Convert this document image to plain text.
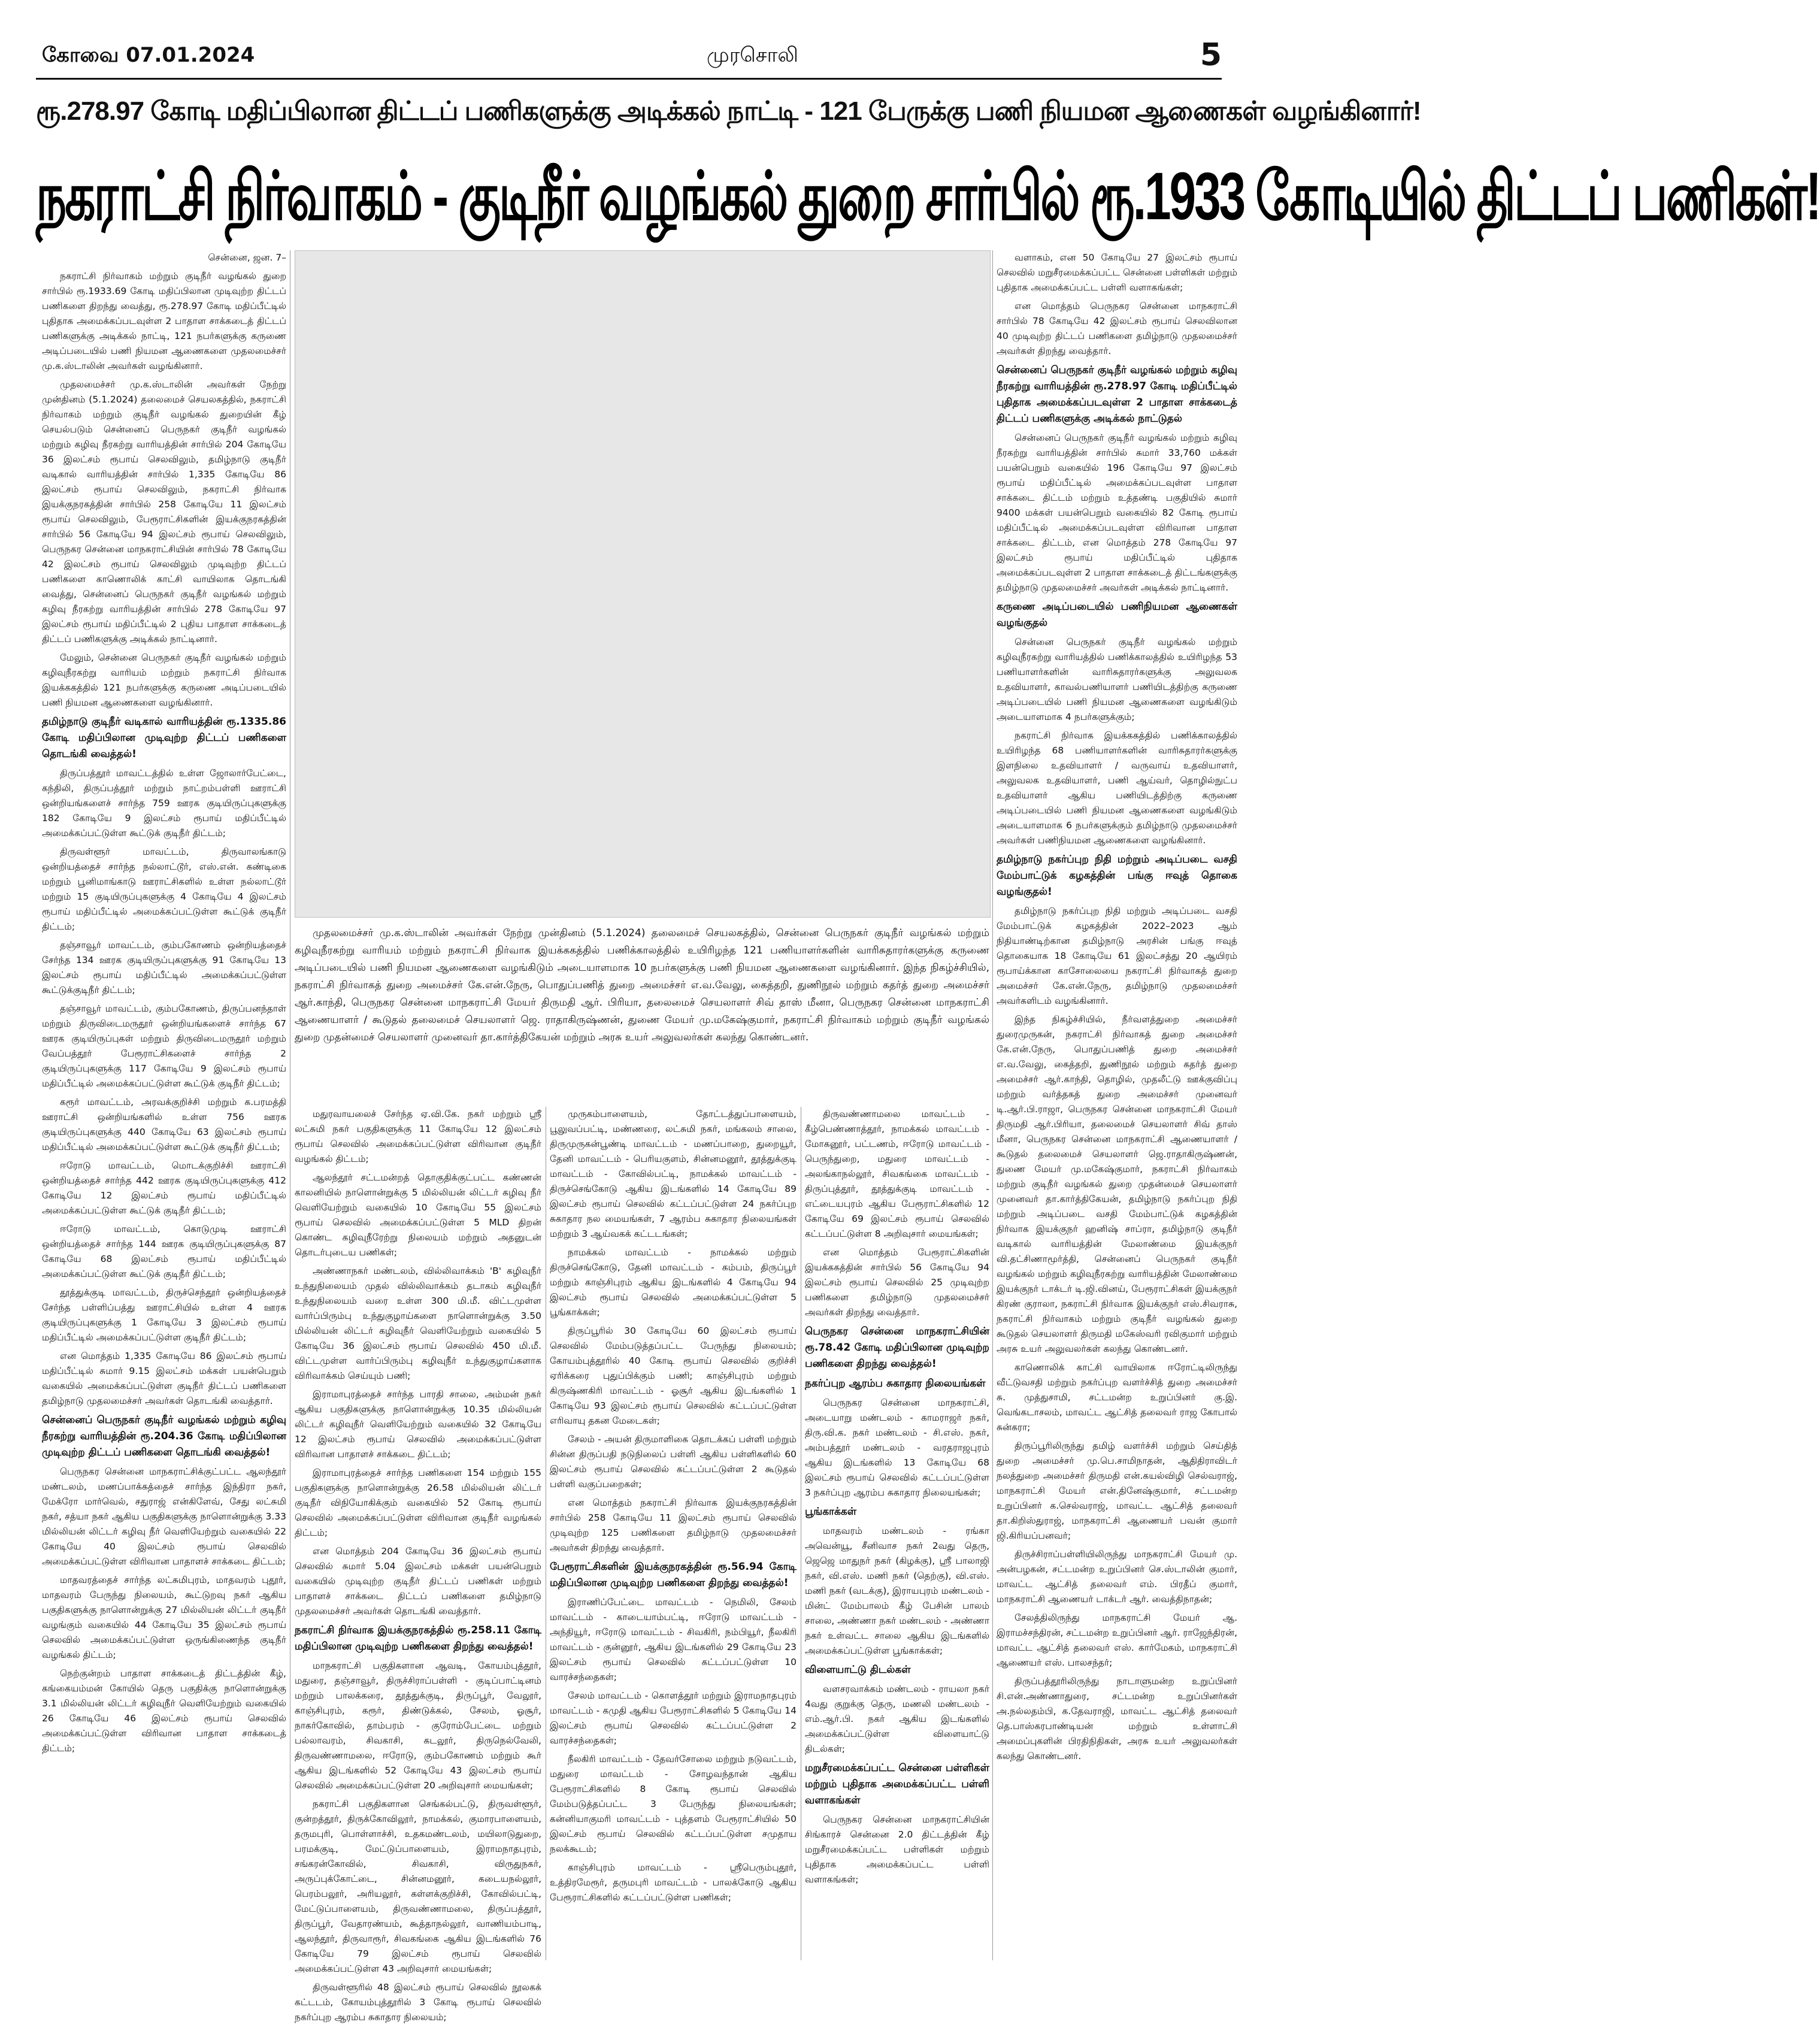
கோவை 07.01.2024	முரசொலி	5
ரூ.278.97 கோடி மதிப்பிலான திட்டப் பணிகளுக்கு அடிக்கல் நாட்டி - 121 பேருக்கு பணி நியமன ஆணைகள் வழங்கினார்!
நகராட்சி நிர்வாகம் - குடிநீர் வழங்கல் துறை சார்பில் ரூ.1933 கோடியில் திட்டப் பணிகள்!

சென்னை, ஜன. 7–

நகராட்சி நிர்வாகம் மற்றும் குடிநீர் வழங்கல் துறை சார்பில் ரூ.1933.69 கோடி மதிப்பிலான முடிவுற்ற திட்டப் பணிகளை திறந்து வைத்து, ரூ.278.97 கோடி மதிப்பீட்டில் புதிதாக அமைக்கப்படவுள்ள 2 பாதாள சாக்கடைத் திட்டப் பணிகளுக்கு அடிக்கல் நாட்டி, 121 நபர்களுக்கு கருணை அடிப்படையில் பணி நியமன ஆணைகளை முதலமைச்சர் மு.க.ஸ்டாலின் அவர்கள் வழங்கினார்.

முதலமைச்சர் மு.க.ஸ்டாலின் அவர்கள் நேற்று முன்தினம் (5.1.2024) தலைமைச் செயலகத்தில், நகராட்சி நிர்வாகம் மற்றும் குடிநீர் வழங்கல் துறையின் கீழ் செயல்படும் சென்னைப் பெருநகர் குடிநீர் வழங்கல் மற்றும் கழிவு நீரகற்று வாரியத்தின் சார்பில் 204 கோடியே 36 இலட்சம் ரூபாய் செலவிலும், தமிழ்நாடு குடிநீர் வடிகால் வாரியத்தின் சார்பில் 1,335 கோடியே 86 இலட்சம் ரூபாய் செலவிலும், நகராட்சி நிர்வாக இயக்குநரகத்தின் சார்பில் 258 கோடியே 11 இலட்சம் ரூபாய் செலவிலும், பேரூராட்சிகளின் இயக்குநரகத்தின் சார்பில் 56 கோடியே 94 இலட்சம் ரூபாய் செலவிலும், பெருநகர சென்னை மாநகராட்சியின் சார்பில் 78 கோடியே 42 இலட்சம் ரூபாய் செலவிலும் முடிவுற்ற திட்டப் பணிகளை காணொலிக் காட்சி வாயிலாக தொடங்கி வைத்து, சென்னைப் பெருநகர் குடிநீர் வழங்கல் மற்றும் கழிவு நீரகற்று வாரியத்தின் சார்பில் 278 கோடியே 97 இலட்சம் ரூபாய் மதிப்பீட்டில் 2 புதிய பாதாள சாக்கடைத் திட்டப் பணிகளுக்கு அடிக்கல் நாட்டினார்.

மேலும், சென்னை பெருநகர் குடிநீர் வழங்கல் மற்றும் கழிவுநீரகற்று வாரியம் மற்றும் நகராட்சி நிர்வாக இயக்ககத்தில் 121 நபர்களுக்கு கருணை அடிப்படையில் பணி நியமன ஆணைகளை வழங்கினார்.

தமிழ்நாடு குடிநீர் வடிகால் வாரியத்தின் ரூ.1335.86 கோடி மதிப்பிலான முடிவுற்ற திட்டப் பணிகளை தொடங்கி வைத்தல்!

திருப்பத்தூர் மாவட்டத்தில் உள்ள ஜோலார்பேட்டை, கந்திலி, திருப்பத்தூர் மற்றும் நாட்றம்பள்ளி ஊராட்சி ஒன்றியங்களைச் சார்ந்த 759 ஊரக குடியிருப்புகளுக்கு 182 கோடியே 9 இலட்சம் ரூபாய் மதிப்பீட்டில் அமைக்கப்பட்டுள்ள கூட்டுக் குடிநீர் திட்டம்;

திருவள்ளூர் மாவட்டம், திருவாலங்காடு ஒன்றியத்தைச் சார்ந்த நல்லாட்டூர், எஸ்.என். கண்டிகை மற்றும் பூனிமாங்காடு ஊராட்சிகளில் உள்ள நல்லாட்டூர் மற்றும் 15 குடியிருப்புகளுக்கு 4 கோடியே 4 இலட்சம் ரூபாய் மதிப்பீட்டில் அமைக்கப்பட்டுள்ள கூட்டுக் குடிநீர் திட்டம்;

தஞ்சாவூர் மாவட்டம், கும்பகோணம் ஒன்றியத்தைச் சேர்ந்த 134 ஊரக குடியிருப்புகளுக்கு 91 கோடியே 13 இலட்சம் ரூபாய் மதிப்பீட்டில் அமைக்கப்பட்டுள்ள கூட்டுக்குடிநீர் திட்டம்;

தஞ்சாவூர் மாவட்டம், கும்பகோணம், திருப்பனந்தாள் மற்றும் திருவிடைமருதூர் ஒன்றியங்களைச் சார்ந்த 67 ஊரக குடியிருப்புகள் மற்றும் திருவிடைமருதூர் மற்றும் வேப்பத்தூர் பேரூராட்சிகளைச் சார்ந்த 2 குடியிருப்புகளுக்கு 117 கோடியே 9 இலட்சம் ரூபாய் மதிப்பீட்டில் அமைக்கப்பட்டுள்ள கூட்டுக் குடிநீர் திட்டம்;

கரூர் மாவட்டம், அரவக்குறிச்சி மற்றும் க.பரமத்தி ஊராட்சி ஒன்றியங்களில் உள்ள 756 ஊரக குடியிருப்புகளுக்கு 440 கோடியே 63 இலட்சம் ரூபாய் மதிப்பீட்டில் அமைக்கப்பட்டுள்ள கூட்டுக் குடிநீர் திட்டம்;

ஈரோடு மாவட்டம், மொடக்குறிச்சி ஊராட்சி ஒன்றியத்தைச் சார்ந்த 442 ஊரக குடியிருப்புகளுக்கு 412 கோடியே 12 இலட்சம் ரூபாய் மதிப்பீட்டில் அமைக்கப்பட்டுள்ள கூட்டுக் குடிநீர் திட்டம்;

ஈரோடு மாவட்டம், கொடுமுடி ஊராட்சி ஒன்றியத்தைச் சார்ந்த 144 ஊரக குடியிருப்புகளுக்கு 87 கோடியே 68 இலட்சம் ரூபாய் மதிப்பீட்டில் அமைக்கப்பட்டுள்ள கூட்டுக் குடிநீர் திட்டம்;

தூத்துக்குடி மாவட்டம், திருச்செந்தூர் ஒன்றியத்தைச் சேர்ந்த பள்ளிப்பத்து ஊராட்சியில் உள்ள 4 ஊரக குடியிருப்புகளுக்கு 1 கோடியே 3 இலட்சம் ரூபாய் மதிப்பீட்டில் அமைக்கப்பட்டுள்ள குடிநீர் திட்டம்;

என மொத்தம் 1,335 கோடியே 86 இலட்சம் ரூபாய் மதிப்பீட்டில் சுமார் 9.15 இலட்சம் மக்கள் பயன்பெறும் வகையில் அமைக்கப்பட்டுள்ள குடிநீர் திட்டப் பணிகளை தமிழ்நாடு முதலமைச்சர் அவர்கள் தொடங்கி வைத்தார்.

சென்னைப் பெருநகர் குடிநீர் வழங்கல் மற்றும் கழிவு நீரகற்று வாரியத்தின் ரூ.204.36 கோடி மதிப்பிலான முடிவுற்ற திட்டப் பணிகளை தொடங்கி வைத்தல்!

பெருநகர சென்னை மாநகராட்சிக்குட்பட்ட ஆலந்தூர் மண்டலம், மணப்பாக்கத்தைச் சார்ந்த இந்திரா நகர், மேக்ரோ மார்வெல், சதுராஜ் என்கிளேவ், சேது லட்சுமி நகர், சத்யா நகர் ஆகிய பகுதிகளுக்கு நாளொன்றுக்கு 3.33 மில்லியன் லிட்டர் கழிவு நீர் வெளியேற்றும் வகையில் 22 கோடியே 40 இலட்சம் ரூபாய் செலவில் அமைக்கப்பட்டுள்ள விரிவான பாதாளச் சாக்கடை திட்டம்;

மாதவரத்தைச் சார்ந்த லட்சுமிபுரம், மாதவரம் புதூர், மாதவரம் பேருந்து நிலையம், கூட்டுறவு நகர் ஆகிய பகுதிகளுக்கு நாளொன்றுக்கு 27 மில்லியன் லிட்டர் குடிநீர் வழங்கும் வகையில் 44 கோடியே 35 இலட்சம் ரூபாய் செலவில் அமைக்கப்பட்டுள்ள ஒருங்கிணைந்த குடிநீர் வழங்கல் திட்டம்;

நெற்குன்றம் பாதாள சாக்கடைத் திட்டத்தின் கீழ், கங்கையம்மன் கோயில் தெரு பகுதிக்கு நாளொன்றுக்கு 3.1 மில்லியன் லிட்டர் கழிவுநீர் வெளியேற்றும் வகையில் 26 கோடியே 46 இலட்சம் ரூபாய் செலவில் அமைக்கப்பட்டுள்ள விரிவான பாதாள சாக்கடைத் திட்டம்;

முதலமைச்சர் மு.க.ஸ்டாலின் அவர்கள் நேற்று முன்தினம் (5.1.2024) தலைமைச் செயலகத்தில், சென்னை பெருநகர் குடிநீர் வழங்கல் மற்றும் கழிவுநீரகற்று வாரியம் மற்றும் நகராட்சி நிர்வாக இயக்ககத்தில் பணிக்காலத்தில் உயிரிழந்த 121 பணியாளர்களின் வாரிசுதாரர்களுக்கு கருணை அடிப்படையில் பணி நியமன ஆணைகளை வழங்கிடும் அடையாளமாக 10 நபர்களுக்கு பணி நியமன ஆணைகளை வழங்கினார். இந்த நிகழ்ச்சியில், நகராட்சி நிர்வாகத் துறை அமைச்சர் கே.என்.நேரு, பொதுப்பணித் துறை அமைச்சர் எ.வ.வேலு, கைத்தறி, துணிநூல் மற்றும் கதர்த் துறை அமைச்சர் ஆர்.காந்தி, பெருநகர சென்னை மாநகராட்சி மேயர் திருமதி ஆர். பிரியா, தலைமைச் செயலாளர் சிவ் தாஸ் மீனா, பெருநகர சென்னை மாநகராட்சி ஆணையாளர் / கூடுதல் தலைமைச் செயலாளர் ஜெ. ராதாகிருஷ்ணன், துணை மேயர் மு.மகேஷ்குமார், நகராட்சி நிர்வாகம் மற்றும் குடிநீர் வழங்கல் துறை முதன்மைச் செயலாளர் முனைவர் தா.கார்த்திகேயன் மற்றும் அரசு உயர் அலுவலர்கள் கலந்து கொண்டனர்.

மதுரவாயலைச் சேர்ந்த ஏ.வி.கே. நகர் மற்றும் ஸ்ரீ லட்சுமி நகர் பகுதிகளுக்கு 11 கோடியே 12 இலட்சம் ரூபாய் செலவில் அமைக்கப்பட்டுள்ள விரிவான குடிநீர் வழங்கல் திட்டம்;

ஆலந்தூர் சட்டமன்றத் தொகுதிக்குட்பட்ட கண்ணன் காலனியில் நாளொன்றுக்கு 5 மில்லியன் லிட்டர் கழிவு நீர் வெளியேற்றும் வகையில் 10 கோடியே 55 இலட்சம் ரூபாய் செலவில் அமைக்கப்பட்டுள்ள 5 MLD திறன் கொண்ட கழிவுநீரேற்று நிலையம் மற்றும் அதனுடன் தொடர்புடைய பணிகள்;

அண்ணாநகர் மண்டலம், வில்லிவாக்கம் 'B' கழிவுநீர் உந்துநிலையம் முதல் வில்லிவாக்கம் தடாகம் கழிவுநீர் உந்துநிலையம் வரை உள்ள 300 மி.மீ. விட்டமுள்ள வார்ப்பிரும்பு உந்துகுழாய்களை நாளொன்றுக்கு 3.50 மில்லியன் லிட்டர் கழிவுநீர் வெளியேற்றும் வகையில் 5 கோடியே 36 இலட்சம் ரூபாய் செலவில் 450 மி.மீ. விட்டமுள்ள வார்ப்பிரும்பு கழிவுநீர் உந்துகுழாய்களாக விரிவாக்கம் செய்யும் பணி;

இராமாபுரத்தைச் சார்ந்த பாரதி சாலை, அம்மன் நகர் ஆகிய பகுதிகளுக்கு நாளொன்றுக்கு 10.35 மில்லியன் லிட்டர் கழிவுநீர் வெளியேற்றும் வகையில் 32 கோடியே 12 இலட்சம் ரூபாய் செலவில் அமைக்கப்பட்டுள்ள விரிவான பாதாளச் சாக்கடை திட்டம்;

இராமாபுரத்தைச் சார்ந்த பணிகளை 154 மற்றும் 155 பகுதிகளுக்கு நாளொன்றுக்கு 26.58 மில்லியன் லிட்டர் குடிநீர் விநியோகிக்கும் வகையில் 52 கோடி ரூபாய் செலவில் அமைக்கப்பட்டுள்ள விரிவான குடிநீர் வழங்கல் திட்டம்;

என மொத்தம் 204 கோடியே 36 இலட்சம் ரூபாய் செலவில் சுமார் 5.04 இலட்சம் மக்கள் பயன்பெறும் வகையில் முடிவுற்ற குடிநீர் திட்டப் பணிகள் மற்றும் பாதாளச் சாக்கடை திட்டப் பணிகளை தமிழ்நாடு முதலமைச்சர் அவர்கள் தொடங்கி வைத்தார்.

நகராட்சி நிர்வாக இயக்குநரகத்தில் ரூ.258.11 கோடி மதிப்பிலான முடிவுற்ற பணிகளை திறந்து வைத்தல்!

மாநகராட்சி பகுதிகளான ஆவடி, கோயம்புத்தூர், மதுரை, தஞ்சாவூர், திருச்சிராப்பள்ளி - குடிப்பாட்டினம் மற்றும் பாலக்கரை, தூத்துக்குடி, திருப்பூர், வேலூர், காஞ்சிபுரம், கரூர், திண்டுக்கல், சேலம், ஓசூர், நாகர்கோவில், தாம்பரம் - குரோம்பேட்டை மற்றும் பல்லாவரம், சிவகாசி, கடலூர், திருநெல்வேலி, திருவண்ணாமலை, ஈரோடு, கும்பகோணம் மற்றும் கூர் ஆகிய இடங்களில் 52 கோடியே 43 இலட்சம் ரூபாய் செலவில் அமைக்கப்பட்டுள்ள 20 அறிவுசார் மையங்கள்;

நகராட்சி பகுதிகளான செங்கல்பட்டு, திருவள்ளூர், குன்றத்தூர், திருக்கோவிலூர், நாமக்கல், குமாரபாளையம், தருமபுரி, பொள்ளாச்சி, உதகமண்டலம், மயிலாடுதுறை, பரமக்குடி, மேட்டுப்பாளையம், இராமநாதபுரம், சங்கரன்கோவில், சிவகாசி, விருதுநகர், அருப்புக்கோட்டை, சின்னமனூர், கடையநல்லூர், பெரம்பலூர், அரியலூர், கள்ளக்குறிச்சி, கோவில்பட்டி, மேட்டுப்பாளையம், திருவண்ணாமலை, திருப்பத்தூர், திருப்பூர், வேதாரண்யம், கூத்தாநல்லூர், வாணியம்பாடி, ஆலந்தூர், திருவாரூர், சிவகங்கை ஆகிய இடங்களில் 76 கோடியே 79 இலட்சம் ரூபாய் செலவில் அமைக்கப்பட்டுள்ள 43 அறிவுசார் மையங்கள்;

திருவள்ளூரில் 48 இலட்சம் ரூபாய் செலவில் நூலகக் கட்டடம், கோயம்புத்தூரில் 3 கோடி ரூபாய் செலவில் நகர்ப்புற ஆரம்ப சுகாதார நிலையம்;

முருகம்பாளையம், தோட்டத்துப்பாளையம், பூலுவப்பட்டி, மண்ணரை, லட்சுமி நகர், மங்கலம் சாலை, திருமுருகன்பூண்டி மாவட்டம் - மணப்பாறை, துறையூர், தேனி மாவட்டம் - பெரியகுளம், சின்னமனூர், தூத்துக்குடி மாவட்டம் - கோவில்பட்டி, நாமக்கல் மாவட்டம் - திருச்செங்கோடு ஆகிய இடங்களில் 14 கோடியே 89 இலட்சம் ரூபாய் செலவில் கட்டப்பட்டுள்ள 24 நகர்ப்புற சுகாதார நல மையங்கள், 7 ஆரம்ப சுகாதார நிலையங்கள் மற்றும் 3 ஆய்வகக் கட்டடங்கள்;

நாமக்கல் மாவட்டம் - நாமக்கல் மற்றும் திருச்செங்கோடு, தேனி மாவட்டம் - கம்பம், திருப்பூர் மற்றும் காஞ்சிபுரம் ஆகிய இடங்களில் 4 கோடியே 94 இலட்சம் ரூபாய் செலவில் அமைக்கப்பட்டுள்ள 5 பூங்காக்கள்;

திருப்பூரில் 30 கோடியே 60 இலட்சம் ரூபாய் செலவில் மேம்படுத்தப்பட்ட பேருந்து நிலையம்; கோயம்புத்தூரில் 40 கோடி ரூபாய் செலவில் குறிச்சி ஏரிக்கரை புதுப்பிக்கும் பணி; காஞ்சிபுரம் மற்றும் கிருஷ்ணகிரி மாவட்டம் - ஓசூர் ஆகிய இடங்களில் 1 கோடியே 93 இலட்சம் ரூபாய் செலவில் கட்டப்பட்டுள்ள எரிவாயு தகன மேடைகள்;

சேலம் - அயன் திருமாளிகை தொடக்கப் பள்ளி மற்றும் சின்ன திருப்பதி நடுநிலைப் பள்ளி ஆகிய பள்ளிகளில் 60 இலட்சம் ரூபாய் செலவில் கட்டப்பட்டுள்ள 2 கூடுதல் பள்ளி வகுப்பறைகள்;

என மொத்தம் நகராட்சி நிர்வாக இயக்குநரகத்தின் சார்பில் 258 கோடியே 11 இலட்சம் ரூபாய் செலவில் முடிவுற்ற 125 பணிகளை தமிழ்நாடு முதலமைச்சர் அவர்கள் திறந்து வைத்தார்.

பேரூராட்சிகளின் இயக்குநரகத்தின் ரூ.56.94 கோடி மதிப்பிலான முடிவுற்ற பணிகளை திறந்து வைத்தல்!

இராணிப்பேட்டை மாவட்டம் - நெமிலி, சேலம் மாவட்டம் - காடையாம்பட்டி, ஈரோடு மாவட்டம் - அந்தியூர், ஈரோடு மாவட்டம் - சிவகிரி, நம்பியூர், நீலகிரி மாவட்டம் - குன்னூர், ஆகிய இடங்களில் 29 கோடியே 23 இலட்சம் ரூபாய் செலவில் கட்டப்பட்டுள்ள 10 வாரச்சந்தைகள்;

சேலம் மாவட்டம் - கொளத்தூர் மற்றும் இராமநாதபுரம் மாவட்டம் - கமுதி ஆகிய பேரூராட்சிகளில் 5 கோடியே 14 இலட்சம் ரூபாய் செலவில் கட்டப்பட்டுள்ள 2 வாரச்சந்தைகள்;

நீலகிரி மாவட்டம் - தேவர்சோலை மற்றும் நடுவட்டம், மதுரை மாவட்டம் - சோழவந்தான் ஆகிய பேரூராட்சிகளில் 8 கோடி ரூபாய் செலவில் மேம்படுத்தப்பட்ட 3 பேருந்து நிலையங்கள்; கன்னியாகுமரி மாவட்டம் - புத்தளம் பேரூராட்சியில் 50 இலட்சம் ரூபாய் செலவில் கட்டப்பட்டுள்ள சமுதாய நலக்கூடம்;

காஞ்சிபுரம் மாவட்டம் - ஸ்ரீபெரும்புதூர், உத்திரமேரூர், தருமபுரி மாவட்டம் - பாலக்கோடு ஆகிய பேரூராட்சிகளில் கட்டப்பட்டுள்ள பணிகள்;

திருவண்ணாமலை மாவட்டம் - கீழ்பெண்ணாத்தூர், நாமக்கல் மாவட்டம் - மோகனூர், பட்டணம், ஈரோடு மாவட்டம் - பெருந்துறை, மதுரை மாவட்டம் - அலங்காநல்லூர், சிவகங்கை மாவட்டம் - திருப்புத்தூர், தூத்துக்குடி மாவட்டம் - எட்டையபுரம் ஆகிய பேரூராட்சிகளில் 12 கோடியே 69 இலட்சம் ரூபாய் செலவில் கட்டப்பட்டுள்ள 8 அறிவுசார் மையங்கள்;

என மொத்தம் பேரூராட்சிகளின் இயக்ககத்தின் சார்பில் 56 கோடியே 94 இலட்சம் ரூபாய் செலவில் 25 முடிவுற்ற பணிகளை தமிழ்நாடு முதலமைச்சர் அவர்கள் திறந்து வைத்தார்.

பெருநகர சென்னை மாநகராட்சியின் ரூ.78.42 கோடி மதிப்பிலான முடிவுற்ற பணிகளை திறந்து வைத்தல்!

நகர்ப்புற ஆரம்ப சுகாதார நிலையங்கள்

பெருநகர சென்னை மாநகராட்சி, அடையாறு மண்டலம் - காமராஜர் நகர், திரு.வி.க. நகர் மண்டலம் - சி.எஸ். நகர், அம்பத்தூர் மண்டலம் - வரதராஜபுரம் ஆகிய இடங்களில் 13 கோடியே 68 இலட்சம் ரூபாய் செலவில் கட்டப்பட்டுள்ள 3 நகர்ப்புற ஆரம்ப சுகாதார நிலையங்கள்;

பூங்காக்கள்

மாதவரம் மண்டலம் - ரங்கா அவென்யூ, சீனிவாச நகர் 2வது தெரு, ஜெஜெ மாதுநர் நகர் (கிழக்கு), ஸ்ரீ பாலாஜி நகர், வி.எஸ். மணி நகர் (தெற்கு), வி.எஸ். மணி நகர் (வடக்கு), இராயபுரம் மண்டலம் - மின்ட் மேம்பாலம் கீழ் பேசின் பாலம் சாலை, அண்ணா நகர் மண்டலம் - அண்ணா நகர் உள்வட்ட சாலை ஆகிய இடங்களில் அமைக்கப்பட்டுள்ள பூங்காக்கள்;

விளையாட்டு திடல்கள்

வளசரவாக்கம் மண்டலம் - ராயலா நகர் 4வது குறுக்கு தெரு, மணலி மண்டலம் - எம்.ஆர்.பி. நகர் ஆகிய இடங்களில் அமைக்கப்பட்டுள்ள விளையாட்டு திடல்கள்;

மறுசீரமைக்கப்பட்ட சென்னை பள்ளிகள் மற்றும் புதிதாக அமைக்கப்பட்ட பள்ளி வளாகங்கள்

பெருநகர சென்னை மாநகராட்சியின் சிங்காரச் சென்னை 2.0 திட்டத்தின் கீழ் மறுசீரமைக்கப்பட்ட பள்ளிகள் மற்றும் புதிதாக அமைக்கப்பட்ட பள்ளி வளாகங்கள்;

வளாகம், என 50 கோடியே 27 இலட்சம் ரூபாய் செலவில் மறுசீரமைக்கப்பட்ட சென்னை பள்ளிகள் மற்றும் புதிதாக அமைக்கப்பட்ட பள்ளி வளாகங்கள்;

என மொத்தம் பெருநகர சென்னை மாநகராட்சி சார்பில் 78 கோடியே 42 இலட்சம் ரூபாய் செலவிலான 40 முடிவுற்ற திட்டப் பணிகளை தமிழ்நாடு முதலமைச்சர் அவர்கள் திறந்து வைத்தார்.

சென்னைப் பெருநகர் குடிநீர் வழங்கல் மற்றும் கழிவு நீரகற்று வாரியத்தின் ரூ.278.97 கோடி மதிப்பீட்டில் புதிதாக அமைக்கப்படவுள்ள 2 பாதாள சாக்கடைத் திட்டப் பணிகளுக்கு அடிக்கல் நாட்டுதல்

சென்னைப் பெருநகர் குடிநீர் வழங்கல் மற்றும் கழிவு நீரகற்று வாரியத்தின் சார்பில் சுமார் 33,760 மக்கள் பயன்பெறும் வகையில் 196 கோடியே 97 இலட்சம் ரூபாய் மதிப்பீட்டில் அமைக்கப்படவுள்ள பாதாள சாக்கடை திட்டம் மற்றும் உத்தண்டி பகுதியில் சுமார் 9400 மக்கள் பயன்பெறும் வகையில் 82 கோடி ரூபாய் மதிப்பீட்டில் அமைக்கப்படவுள்ள விரிவான பாதாள சாக்கடை திட்டம், என மொத்தம் 278 கோடியே 97 இலட்சம் ரூபாய் மதிப்பீட்டில் புதிதாக அமைக்கப்படவுள்ள 2 பாதாள சாக்கடைத் திட்டங்களுக்கு தமிழ்நாடு முதலமைச்சர் அவர்கள் அடிக்கல் நாட்டினார்.

கருணை அடிப்படையில் பணிநியமன ஆணைகள் வழங்குதல்

சென்னை பெருநகர் குடிநீர் வழங்கல் மற்றும் கழிவுநீரகற்று வாரியத்தில் பணிக்காலத்தில் உயிரிழந்த 53 பணியாளர்களின் வாரிசுதாரர்களுக்கு அலுவலக உதவியாளர், காவல்பணியாளர் பணியிடத்திற்கு கருணை அடிப்படையில் பணி நியமன ஆணைகளை வழங்கிடும் அடையாளமாக 4 நபர்களுக்கும்;

நகராட்சி நிர்வாக இயக்ககத்தில் பணிக்காலத்தில் உயிரிழந்த 68 பணியாளர்களின் வாரிசுதாரர்களுக்கு இளநிலை உதவியாளர் / வருவாய் உதவியாளர், அலுவலக உதவியாளர், பணி ஆய்வர், தொழில்நுட்ப உதவியாளர் ஆகிய பணியிடத்திற்கு கருணை அடிப்படையில் பணி நியமன ஆணைகளை வழங்கிடும் அடையாளமாக 6 நபர்களுக்கும் தமிழ்நாடு முதலமைச்சர் அவர்கள் பணிநியமன ஆணைகளை வழங்கினார்.

தமிழ்நாடு நகர்ப்புற நிதி மற்றும் அடிப்படை வசதி மேம்பாட்டுக் கழகத்தின் பங்கு ஈவுத் தொகை வழங்குதல்!

தமிழ்நாடு நகர்ப்புற நிதி மற்றும் அடிப்படை வசதி மேம்பாட்டுக் கழகத்தின் 2022–2023 ஆம் நிதியாண்டிற்கான தமிழ்நாடு அரசின் பங்கு ஈவுத் தொகையாக 18 கோடியே 61 இலட்சத்து 20 ஆயிரம் ரூபாய்க்கான காசோலையை நகராட்சி நிர்வாகத் துறை அமைச்சர் கே.என்.நேரு, தமிழ்நாடு முதலமைச்சர் அவர்களிடம் வழங்கினார்.

இந்த நிகழ்ச்சியில், நீர்வளத்துறை அமைச்சர் துரைமுருகன், நகராட்சி நிர்வாகத் துறை அமைச்சர் கே.என்.நேரு, பொதுப்பணித் துறை அமைச்சர் எ.வ.வேலு, கைத்தறி, துணிநூல் மற்றும் கதர்த் துறை அமைச்சர் ஆர்.காந்தி, தொழில், முதலீட்டு ஊக்குவிப்பு மற்றும் வர்த்தகத் துறை அமைச்சர் முனைவர் டி.ஆர்.பி.ராஜா, பெருநகர சென்னை மாநகராட்சி மேயர் திருமதி ஆர்.பிரியா, தலைமைச் செயலாளர் சிவ் தாஸ் மீனா, பெருநகர சென்னை மாநகராட்சி ஆணையாளர் / கூடுதல் தலைமைச் செயலாளர் ஜெ.ராதாகிருஷ்ணன், துணை மேயர் மு.மகேஷ்குமார், நகராட்சி நிர்வாகம் மற்றும் குடிநீர் வழங்கல் துறை முதன்மைச் செயலாளர் முனைவர் தா.கார்த்திகேயன், தமிழ்நாடு நகர்ப்புற நிதி மற்றும் அடிப்படை வசதி மேம்பாட்டுக் கழகத்தின் நிர்வாக இயக்குநர் ஹனிஷ் சாப்ரா, தமிழ்நாடு குடிநீர் வடிகால் வாரியத்தின் மேலாண்மை இயக்குநர் வி.தட்சிணாமூர்த்தி, சென்னைப் பெருநகர் குடிநீர் வழங்கல் மற்றும் கழிவுநீரகற்று வாரியத்தின் மேலாண்மை இயக்குநர் டாக்டர் டி.ஜி.வினய், பேரூராட்சிகள் இயக்குநர் கிரண் குராலா, நகராட்சி நிர்வாக இயக்குநர் எஸ்.சிவராசு, நகராட்சி நிர்வாகம் மற்றும் குடிநீர் வழங்கல் துறை கூடுதல் செயலாளர் திருமதி மகேஸ்வரி ரவிகுமார் மற்றும் அரசு உயர் அலுவலர்கள் கலந்து கொண்டனர்.

காணொலிக் காட்சி வாயிலாக ஈரோட்டிலிருந்து வீட்டுவசதி மற்றும் நகர்ப்புற வளர்ச்சித் துறை அமைச்சர் சு. முத்துசாமி, சட்டமன்ற உறுப்பினர் கு.இ. வெங்கடாசலம், மாவட்ட ஆட்சித் தலைவர் ராஜ கோபால் சுன்கரா;

திருப்பூரிலிருந்து தமிழ் வளர்ச்சி மற்றும் செய்தித் துறை அமைச்சர் மு.பெ.சாமிநாதன், ஆதிதிராவிடர் நலத்துறை அமைச்சர் திருமதி என்.கயல்விழி செல்வராஜ், மாநகராட்சி மேயர் என்.தினேஷ்குமார், சட்டமன்ற உறுப்பினர் க.செல்வராஜ், மாவட்ட ஆட்சித் தலைவர் தா.கிறிஸ்துராஜ், மாநகராட்சி ஆணையர் பவன் குமார் ஜி.கிரியப்பனவர்;

திருச்சிராப்பள்ளியிலிருந்து மாநகராட்சி மேயர் மு. அன்பழகன், சட்டமன்ற உறுப்பினர் செ.ஸ்டாலின் குமார், மாவட்ட ஆட்சித் தலைவர் எம். பிரதீப் குமார், மாநகராட்சி ஆணையர் டாக்டர் ஆர். வைத்திநாதன்;

சேலத்திலிருந்து மாநகராட்சி மேயர் ஆ. இராமச்சந்திரன், சட்டமன்ற உறுப்பினர் ஆர். ராஜேந்திரன், மாவட்ட ஆட்சித் தலைவர் எஸ். கார்மேகம், மாநகராட்சி ஆணையர் எஸ். பாலசந்தர்;

திருப்பத்தூரிலிருந்து நாடாளுமன்ற உறுப்பினர் சி.என்.அண்ணாதுரை, சட்டமன்ற உறுப்பினர்கள் அ.நல்லதம்பி, க.தேவராஜி, மாவட்ட ஆட்சித் தலைவர் தெ.பாஸ்கரபாண்டியன் மற்றும் உள்ளாட்சி அமைப்புகளின் பிரதிநிதிகள், அரசு உயர் அலுவலர்கள் கலந்து கொண்டனர்.
